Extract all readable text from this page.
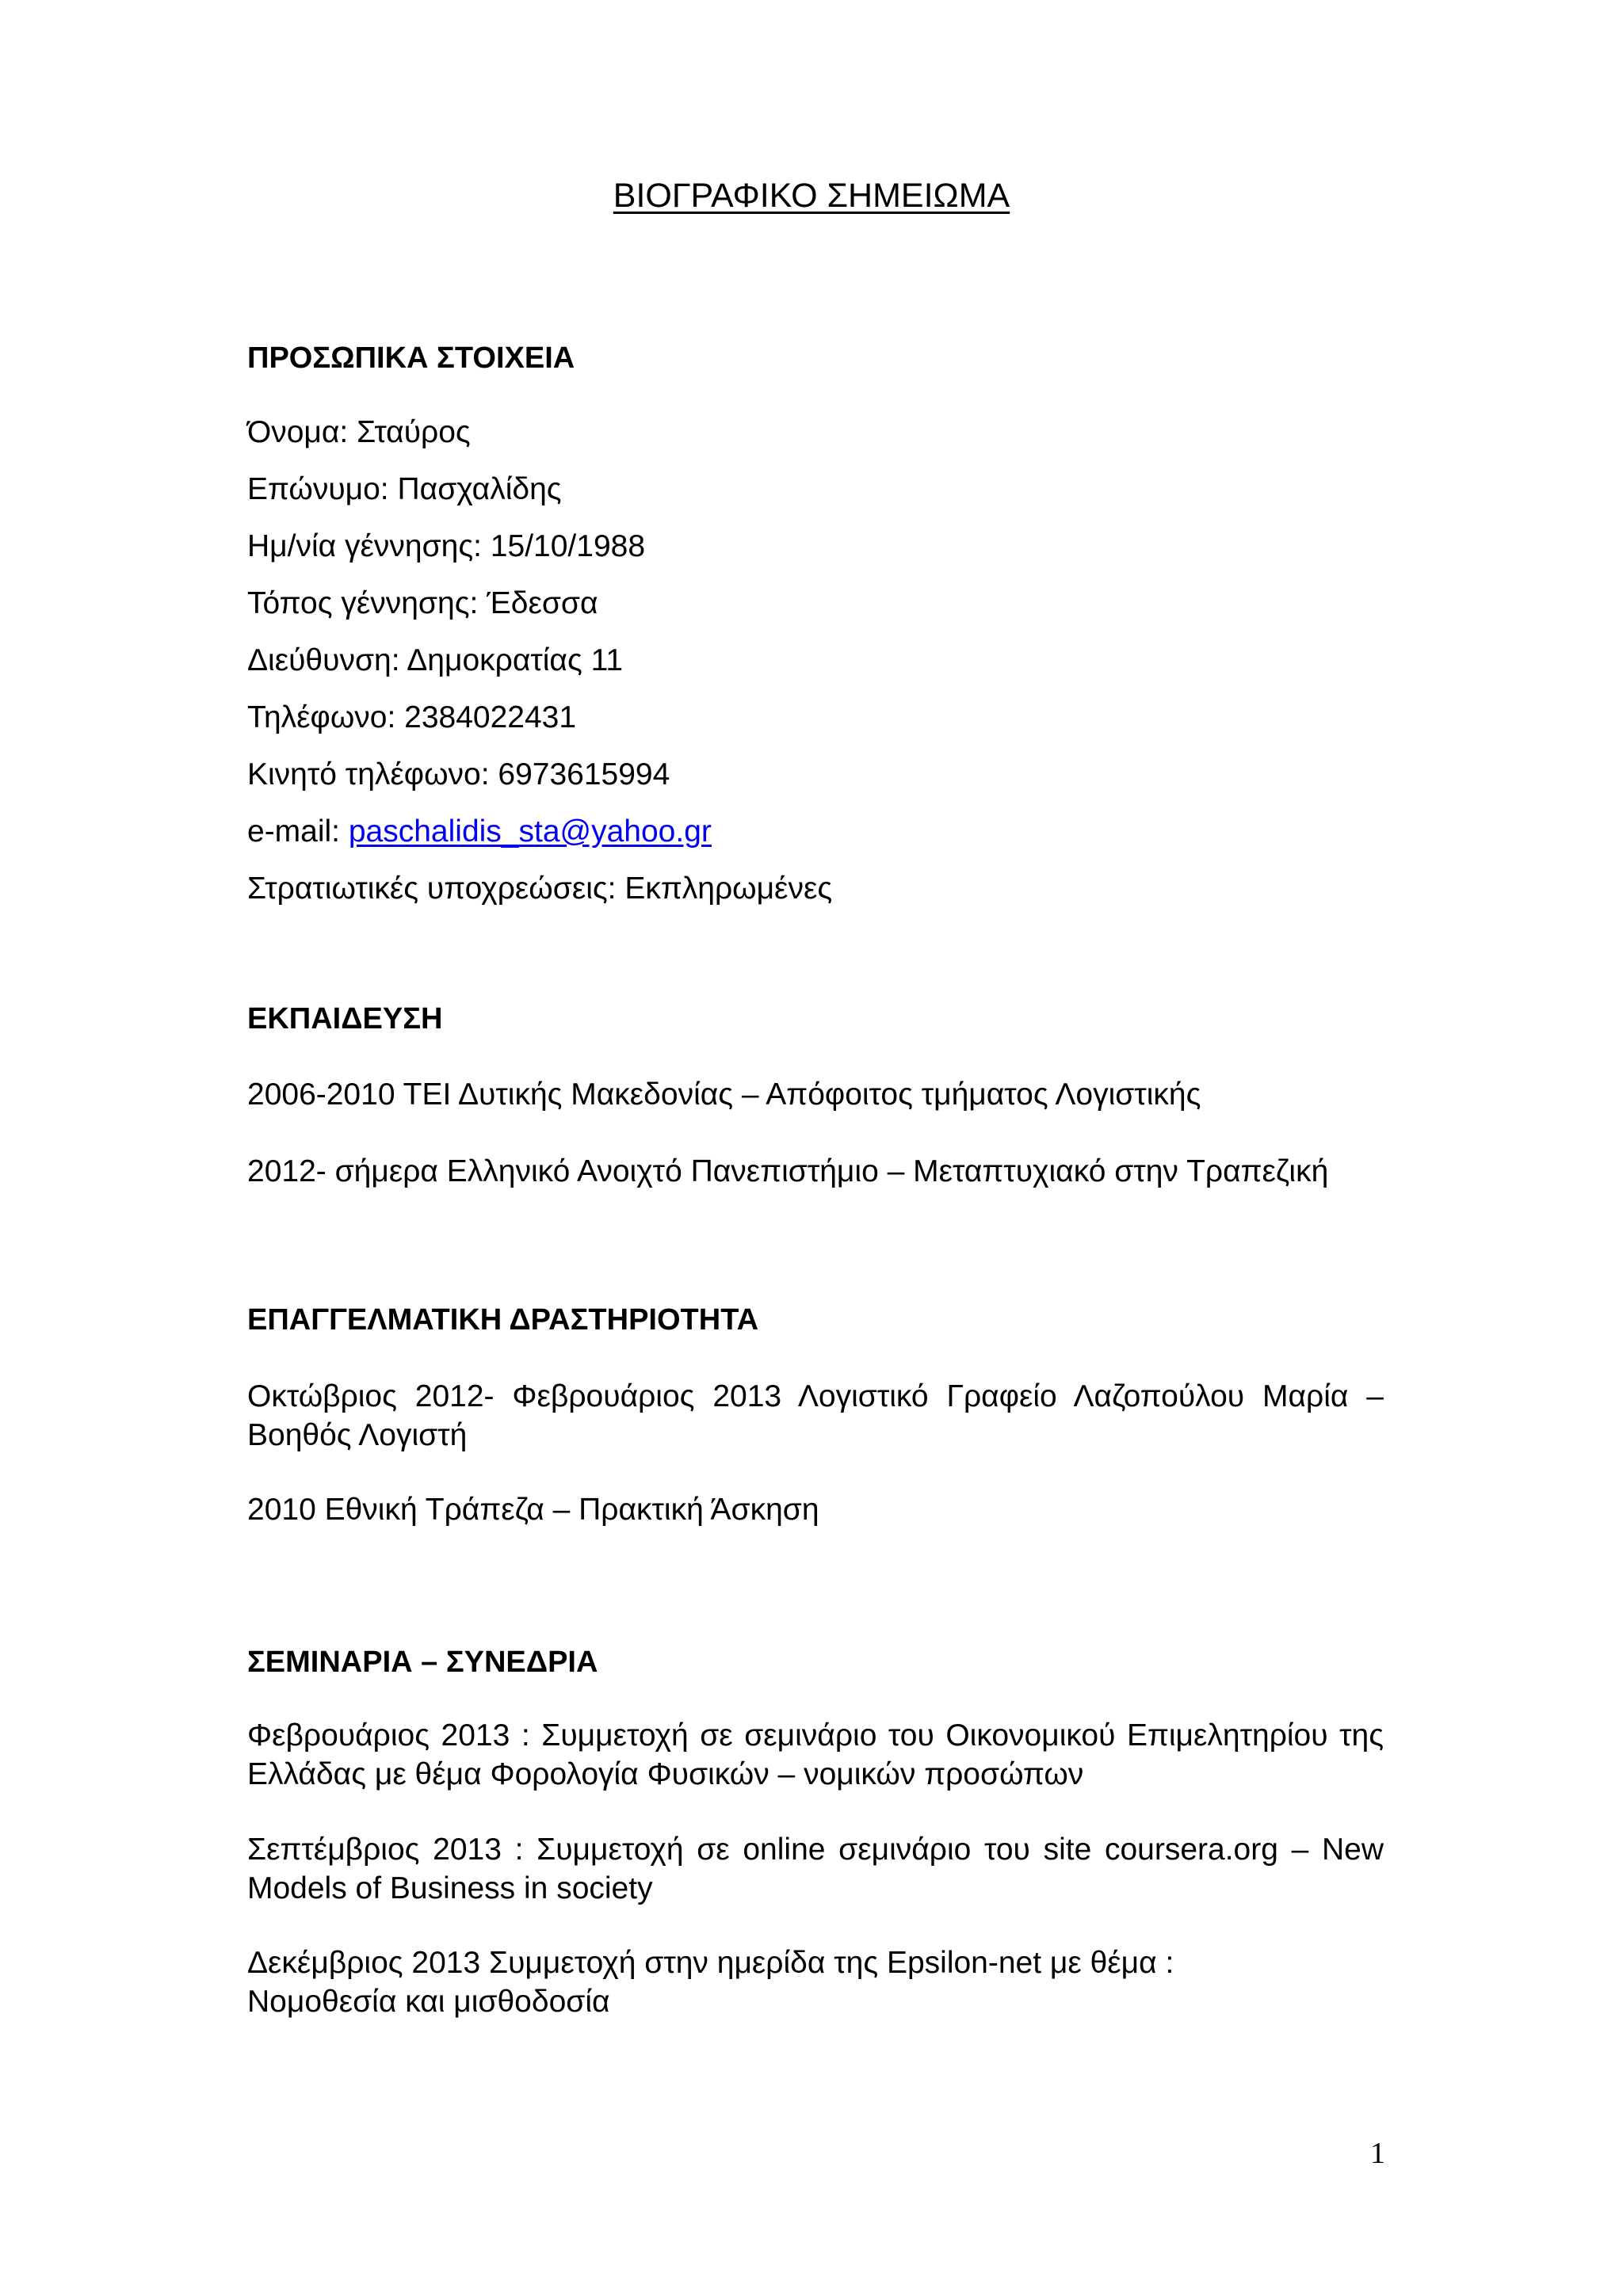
ΒΙΟΓΡΑΦΙΚΟ ΣΗΜΕΙΩΜΑ
ΠΡΟΣΩΠΙΚΑ ΣΤΟΙΧΕΙΑ
Όνομα: Σταύρος
Επώνυμο: Πασχαλίδης
Ημ/νία γέννησης: 15/10/1988
Τόπος γέννησης: Έδεσσα
Διεύθυνση: Δημοκρατίας 11
Τηλέφωνο: 2384022431
Κινητό τηλέφωνο: 6973615994
e-mail: paschalidis_sta@yahoo.gr
Στρατιωτικές υποχρεώσεις: Εκπληρωμένες
ΕΚΠΑΙΔΕΥΣΗ
2006-2010 ΤΕΙ Δυτικής Μακεδονίας – Απόφοιτος τμήματος Λογιστικής
2012- σήμερα Ελληνικό Ανοιχτό Πανεπιστήμιο – Μεταπτυχιακό στην Τραπεζική
ΕΠΑΓΓΕΛΜΑΤΙΚΗ ΔΡΑΣΤΗΡΙΟΤΗΤΑ
Οκτώβριος 2012- Φεβρουάριος 2013 Λογιστικό Γραφείο Λαζοπούλου Μαρία – Βοηθός Λογιστή
2010 Εθνική Τράπεζα – Πρακτική Άσκηση
ΣΕΜΙΝΑΡΙΑ – ΣΥΝΕΔΡΙΑ
Φεβρουάριος 2013 : Συμμετοχή σε σεμινάριο του Οικονομικού Επιμελητηρίου της Ελλάδας με θέμα Φορολογία Φυσικών – νομικών προσώπων
Σεπτέμβριος 2013 : Συμμετοχή σε online σεμινάριο του site coursera.org – New Models of Business in society
Δεκέμβριος 2013 Συμμετοχή στην ημερίδα της Epsilon-net με θέμα :
Νομοθεσία και μισθοδοσία
1
